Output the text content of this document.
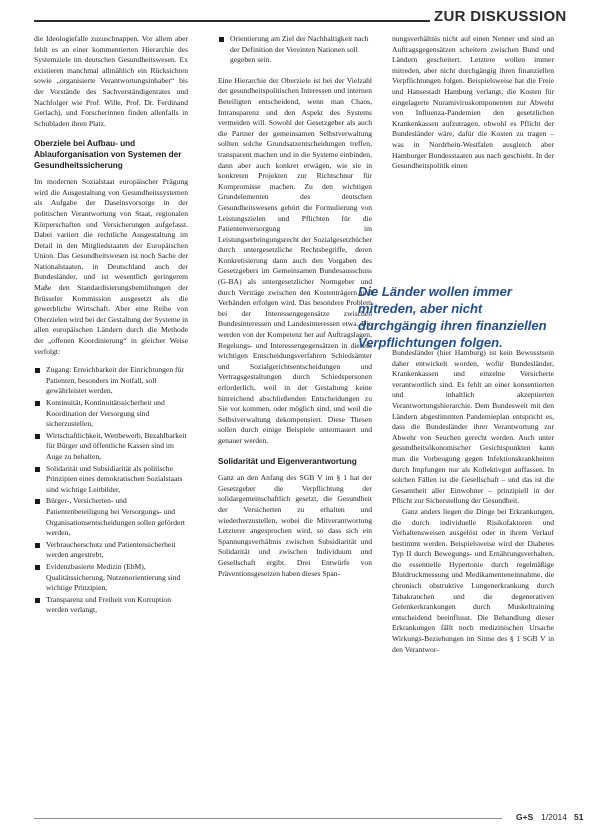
ZUR DISKUSSION

die Ideologiefalle zuzuschnappen. Vor allem aber fehlt es an einer kommentierten Hierarchie des Systemziele im deutschen Gesundheitswesen. Ex existieren manchmal allmählich ein Rücksichten sowie „organisierte Verantwortungsinhaber“ bis der Vorstände des Sachverständigenrates und Nachfolger wie Prof. Wille, Prof. Dr. Ferdinand Gerlach), und Forscherinnen finden allenfalls in Schubladen ihren Platz.

Oberziele bei Aufbau- und Ablauforganisation von Systemen der Gesundheitssicherung

Im modernen Sozialstaat europäischer Prägung wird die Ausgestaltung von Gesundheitssystemen als Aufgabe der Daseinsvorsorge in der politischen Verantwortung von Staat, regionalen Körperschaften und Versicherungen aufgefasst. Dabei variiert die rechtliche Ausgestaltung im Detail in den Mitgliedstaaten der Europäischen Union. Das Gesundheitswesen ist noch Sache der Nationalstaaten, in Deutschland auch der Bundesländer, und ist wesentlich geringerem Maße den Standardisierungsbemühungen der Brüsseler Kommission ausgesetzt als die gewerbliche Wirtschaft. Aber eine Reihe von Oberzielen wird bei der Gestaltung der Systeme in allen europäischen Ländern durch die Methode der „offenen Koordinierung“ in gleicher Weise verfolgt:

Zugang: Erreichbarkeit der Einrichtungen für Patienten, besonders im Notfall, soll gewährleistet werden,
Kontinuität, Kontinuitätssicherheit und Koordination der Versorgung sind sicherzustellen,
Wirtschaftlichkeit, Wettbewerb, Bezahlbarkeit für Bürger und öffentliche Kassen sind im Auge zu behalten,
Solidarität und Subsidiarität als politische Prinzipien eines demokratischen Sozialstaats sind wichtige Leitbilder,
Bürger-, Versicherten- und Patientenbeteiligung bei Versorgungs- und Organisationsentscheidungen sollen gefördert werden,
Verbraucherschutz und Patientensicherheit werden angestrebt,
Evidenzbasierte Medizin (EbM), Qualitätssicherung, Nutzenorientierung sind wichtige Prinzipien,
Transparenz und Freiheit von Korruption werden verlangt,
Orientierung am Ziel der Nachhaltigkeit nach der Definition der Vereinten Nationen soll gegeben sein.

Eine Hierarchie der Oberziele ist bei der Vielzahl der gesundheitspolitischen Interessen und internen Beteiligten entscheidend, wenn man Chaos, Intransparenz und den Aspekt des Systems vermeiden will. Sowohl der Gesetzgeber als auch die Partner der gemeinsamen Selbstverwaltung sollten solche Grundsatzentscheidungen treffen, transparent machen und in die Systeme einbinden, dann aber auch konkret erwägen, wie sie in konkreten Projekten zur Richtschnur für Kompromisse machen. Zu den wichtigen Grundelementen des deutschen Gesundheitswesens gehört die Formulierung von Leistungszielen und Pflichten für die Patientenversorgung im Leistungserbringungsrecht der Sozialgesetzbücher durch untergesetzliche Rechtsbegriffe, deren Konkretisierung dann auch den Vorgaben des Gesetzgebers im Gemeinsamen Bundesausschuss (G-BA) als untergesetzlicher Normgeber und durch Verträge zwischen den Kostenträgern und Verbänden erfolgen wird. Das besondere Problem bei der Interessengegensätze zwischen Bundesinteressen und Landesinteressen etwa. Die werden von der Kompetenz her auf Auftragslagen, Regelungs- und Interessengegensätzen in diesem wichtigen Entscheidungsverfahren Schiedsämter und Sozialgerichtsentscheidungen und Vertragsgestaltungen durch Schiedspersonen erforderlich, weil in der Gestaltung keine hinreichend abschließenden Entscheidungen zu Sie vor kommen, oder möglich sind, und weil die Selbstverwaltung dekompensiert. Diese Thesen sollen durch einige Beispiele untermauert und genauer werden.

Solidarität und Eigenverantwortung

Ganz an den Anfang des SGB V im § 1 hat der Gesetzgeber die Verpflichtung der solidargemeinschaftlich gesetzt, die Gesundheit der Versicherten zu erhalten und wiederherzustellen, wobei die Mitverantwortung Letzterer angesprochen wird, so dass sich ein Spannungsverhältnis zwischen Subsidiarität und Solidarität und zwischen Individuum und Gesellschaft ergibt. Drei Entwürfe von Präventionsgesetzen haben dieses Span-

nungsverhältnis nicht auf einen Nenner und sind an Auftragsgegensätzen scheitern zwischen Bund und Ländern gescheitert. Letztere wollen immer mitreden, aber nicht durchgängig ihren finanziellen Verpflichtungen folgen. Beispielsweise hat die Freie und Hansestadt Hamburg verlangt, die Kosten für eingelagerte Nuramiviruskomponenten zur Abwehr von Influenza-Pandemien den gesetzlichen Krankenkassen aufzutragen, obwohl es Pflicht der Bundesländer wäre, dafür die Kosten zu tragen – was in Nordrhein-Westfalen ausgleich aber Hamburger Bundesstaaten aus nach geschieht. In der Gesundheitspolitik einen

Die Länder wollen immer
mitreden, aber nicht
durchgängig ihren finanziellen
Verpflichtungen folgen.

Bundesländer (hier Hamburg) ist kein Bewusstsein daher entwickelt worden, wofür Bundesländer, Krankenkassen und einzelne Versicherte verantwortlich sind. Es fehlt an einer konsentierten und inhaltlich akzeptierten Verantwortungshierarchie. Dem Bundesweit mit den Ländern abgestimmten Pandemieplan entspricht es, dass die Bundesländer ihrer Verantwortung zur Abwehr von Seuchen gerecht werden. Auch unter gesundheitsökonomischer Gesichtspunkten kann man die Vorbeugung gegen Infektionskrankheiten durch Impfungen nur als Kollektivgut auffassen. In solchen Fällen ist die Gesellschaft – und das ist die Gesamtheit aller Einwohner – prinzipiell in der Pflicht zur Sicherstellung der Gesundheit.

Ganz anders liegen die Dinge bei Erkrankungen, die durch individuelle Risikofaktoren und Verhaltensweisen ausgelöst oder in ihrem Verlauf bestimmt werden. Beispielsweise wird der Diabetes Typ II durch Bewegungs- und Ernährungsverhalten, die essentielle Hypertonie durch regelmäßige Blutdruckmessung und Medikamenteneinnahme, die chronisch obstruktive Lungenerkrankung durch Tabakrauchen und die degenerativen Gelenkerkrankungen durch Muskeltraining entscheidend beeinflusst. Die Behandlung dieser Erkrankungen fällt noch medizinischen Ursache Wirkungs-Beziehungen im Sinne des § 1 SGB V in den Verantwor-

G+S 1/2014 51
